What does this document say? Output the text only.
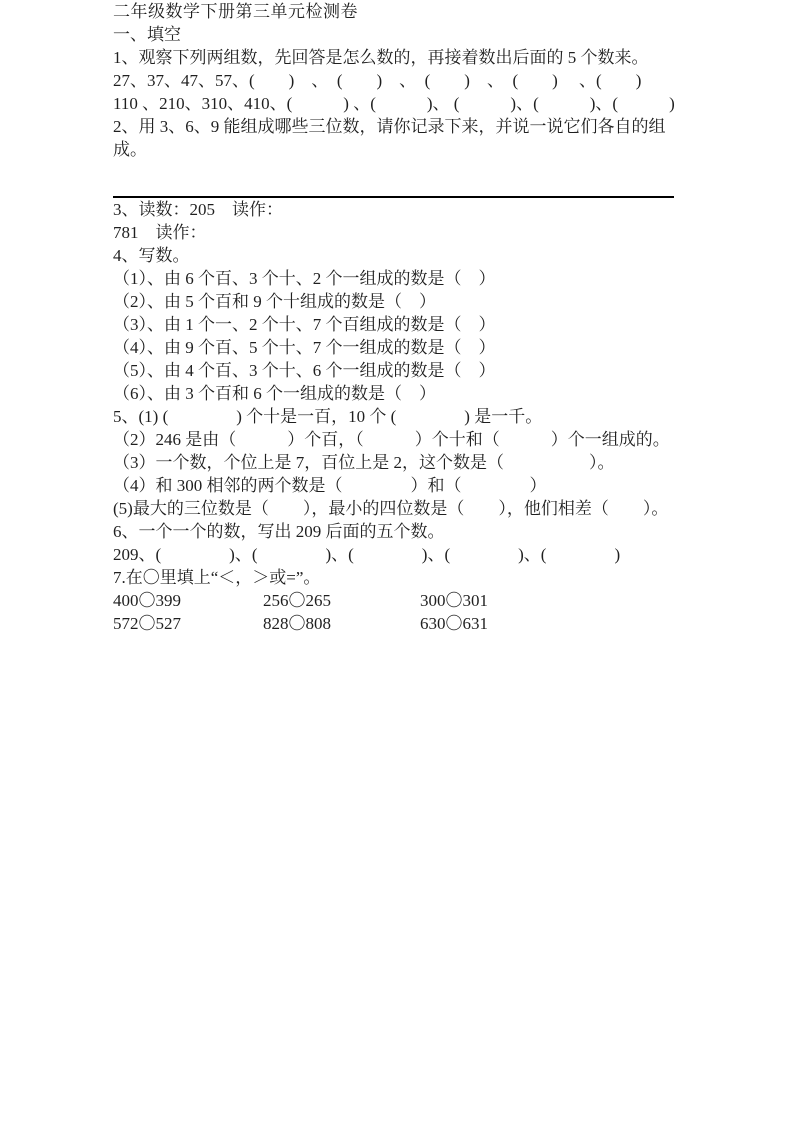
二年级数学下册第三单元检测卷

一、填空

1、观察下列两组数，先回答是怎么数的，再接着数出后面的 5 个数来。

27、37、47、57、(　　)　、　(　　)　、　(　　)　、　(　　)　 、(　　)

110 、210、310、410、(　　　) 、(　　　)、 (　　　)、(　　　)、(　　　)

2、用 3、6、9 能组成哪些三位数，请你记录下来，并说一说它们各自的组成。

3、读数：205　读作：

781　读作：

4、写数。

（1）、由 6 个百、3 个十、2 个一组成的数是（　）

（2）、由 5 个百和 9 个十组成的数是（　）

（3）、由 1 个一、2 个十、7 个百组成的数是（　）

（4）、由 9 个百、5 个十、7 个一组成的数是（　）

（5）、由 4 个百、3 个十、6 个一组成的数是（　）

（6）、由 3 个百和 6 个一组成的数是（　）

5、(1) (　　　　) 个十是一百，10 个 (　　　　) 是一千。

（2）246 是由（　　　）个百，（　　　）个十和（　　　）个一组成的。

（3）一个数，个位上是 7，百位上是 2，这个数是（　　　　　）。

（4）和 300 相邻的两个数是（　　　　）和（　　　　）

(5)最大的三位数是（　　），最小的四位数是（　　），他们相差（　　）。

6、一个一个的数，写出 209 后面的五个数。

209、(　　　　)、(　　　　)、(　　　　)、(　　　　)、(　　　　)

7.在〇里填上“＜，＞或=”。

400〇399	256〇265	300〇301

572〇527	828〇808	630〇631
